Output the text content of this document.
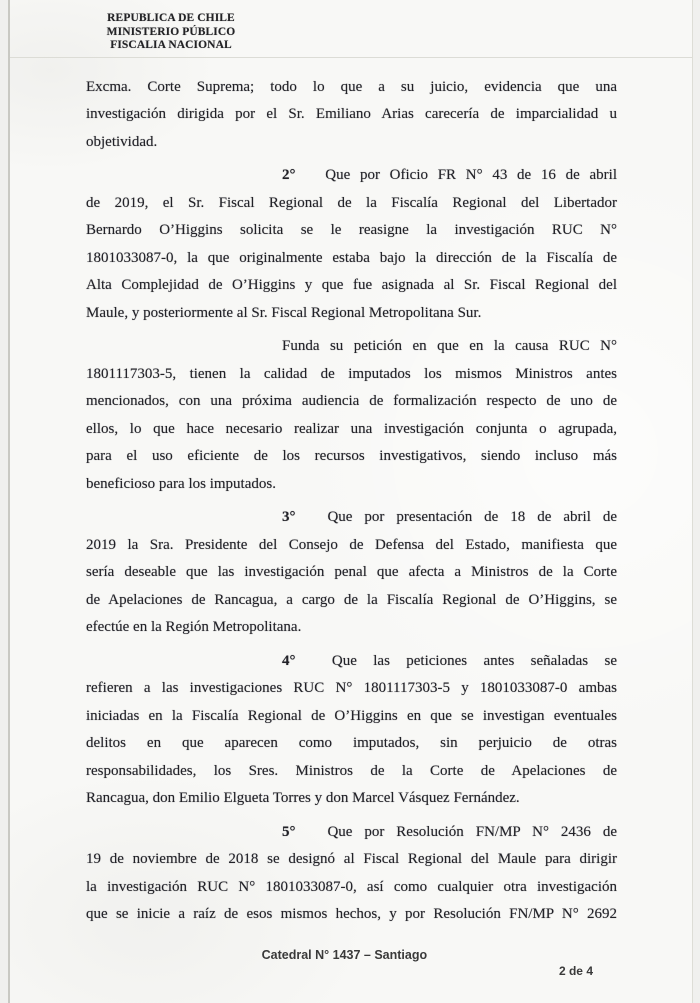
REPUBLICA DE CHILE
MINISTERIO PÚBLICO
FISCALIA NACIONAL
Excma. Corte Suprema; todo lo que a su juicio, evidencia que una
investigación dirigida por el Sr. Emiliano Arias carecería de imparcialidad u
objetividad.
2° Que por Oficio FR N° 43 de 16 de abril
de 2019, el Sr. Fiscal Regional de la Fiscalía Regional del Libertador
Bernardo O’Higgins solicita se le reasigne la investigación RUC N°
1801033087-0, la que originalmente estaba bajo la dirección de la Fiscalía de
Alta Complejidad de O’Higgins y que fue asignada al Sr. Fiscal Regional del
Maule, y posteriormente al Sr. Fiscal Regional Metropolitana Sur.
Funda su petición en que en la causa RUC N°
1801117303-5, tienen la calidad de imputados los mismos Ministros antes
mencionados, con una próxima audiencia de formalización respecto de uno de
ellos, lo que hace necesario realizar una investigación conjunta o agrupada,
para el uso eficiente de los recursos investigativos, siendo incluso más
beneficioso para los imputados.
3° Que por presentación de 18 de abril de
2019 la Sra. Presidente del Consejo de Defensa del Estado, manifiesta que
sería deseable que las investigación penal que afecta a Ministros de la Corte
de Apelaciones de Rancagua, a cargo de la Fiscalía Regional de O’Higgins, se
efectúe en la Región Metropolitana.
4° Que las peticiones antes señaladas se
refieren a las investigaciones RUC N° 1801117303-5 y 1801033087-0 ambas
iniciadas en la Fiscalía Regional de O’Higgins en que se investigan eventuales
delitos en que aparecen como imputados, sin perjuicio de otras
responsabilidades, los Sres. Ministros de la Corte de Apelaciones de
Rancagua, don Emilio Elgueta Torres y don Marcel Vásquez Fernández.
5° Que por Resolución FN/MP N° 2436 de
19 de noviembre de 2018 se designó al Fiscal Regional del Maule para dirigir
la investigación RUC N° 1801033087-0, así como cualquier otra investigación
que se inicie a raíz de esos mismos hechos, y por Resolución FN/MP N° 2692
Catedral N° 1437 – Santiago
2 de 4
